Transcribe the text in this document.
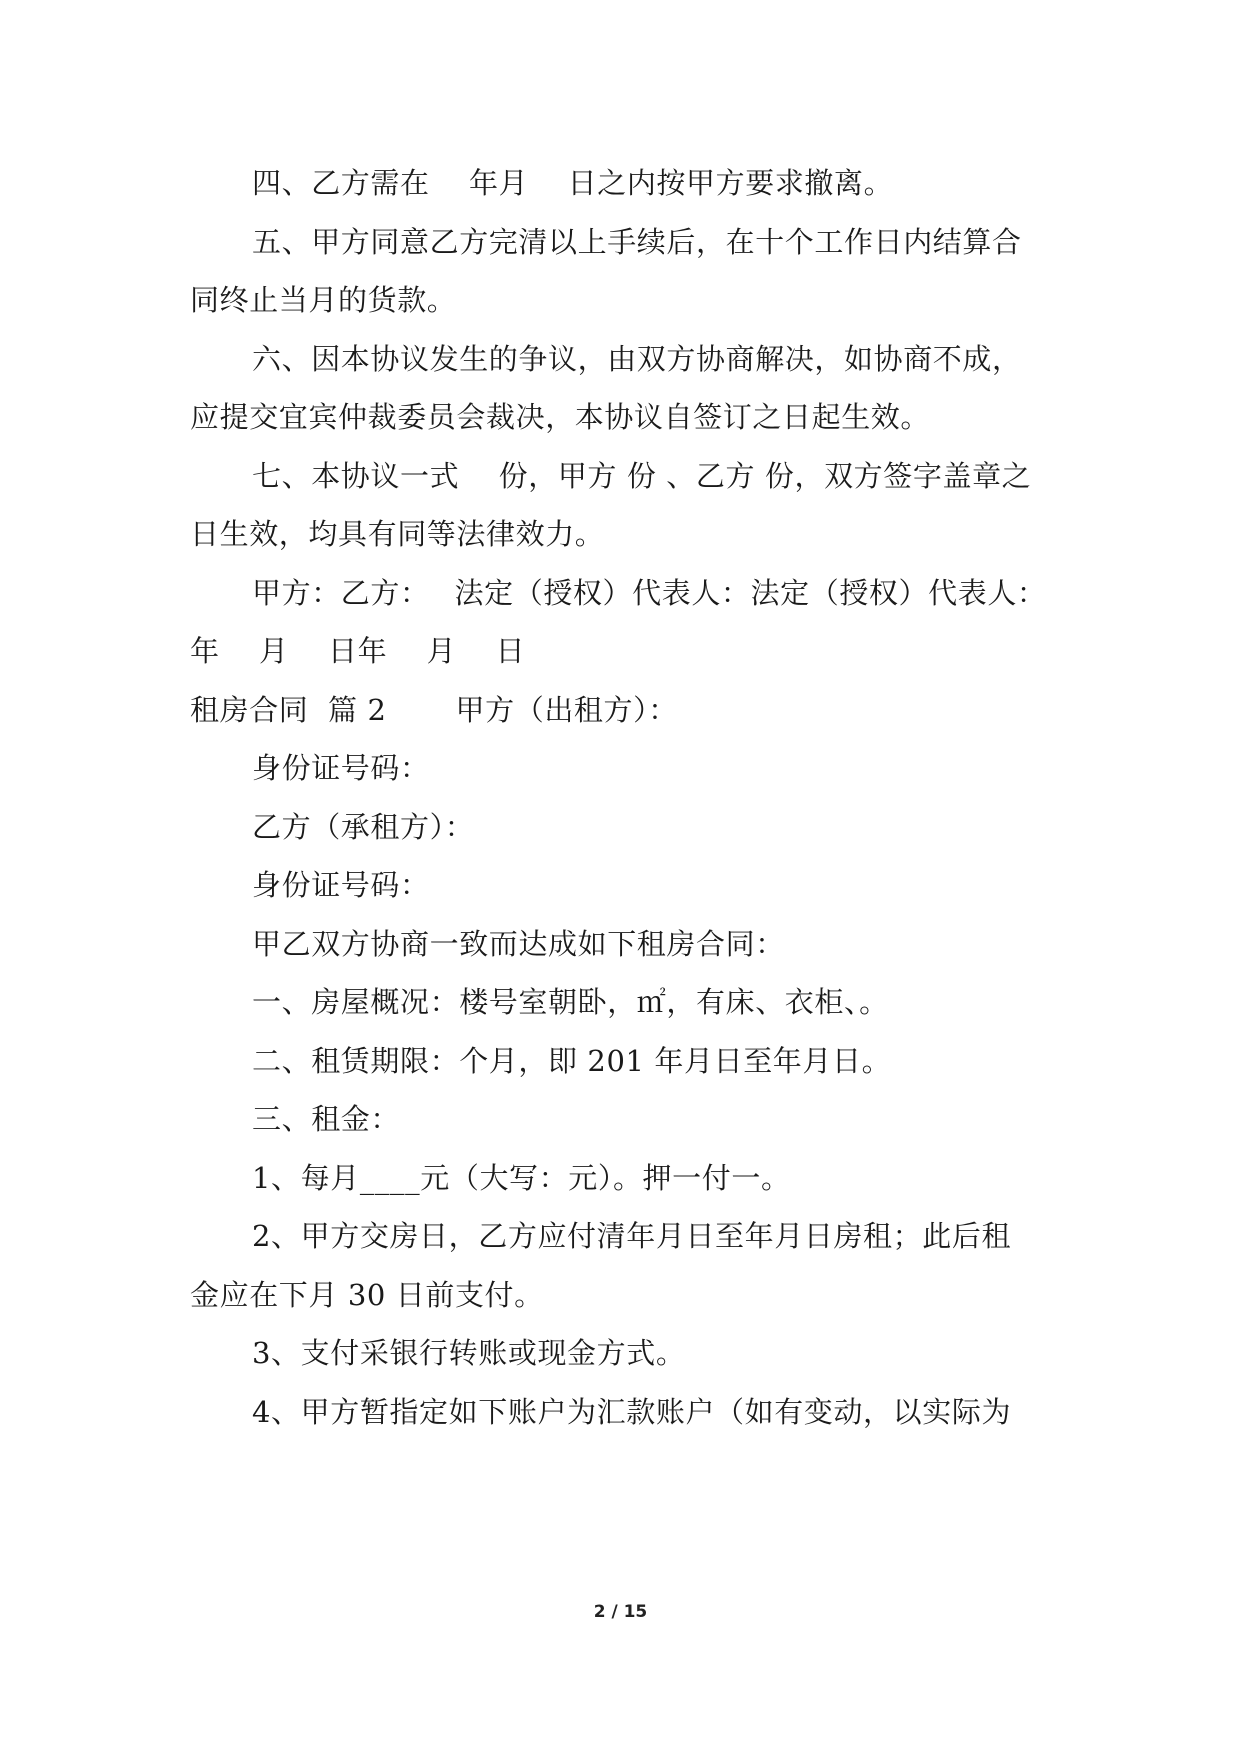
四、乙方需在　 年月　 日之内按甲方要求撤离。
五、甲方同意乙方完清以上手续后，在十个工作日内结算合
同终止当月的货款。
六、因本协议发生的争议，由双方协商解决，如协商不成，
应提交宜宾仲裁委员会裁决，本协议自签订之日起生效。
七、本协议一式　 份，甲方 份 、乙方 份，双方签字盖章之
日生效，均具有同等法律效力。
甲方：乙方：　 法定（授权）代表人：法定（授权）代表人：
年　 月　 日年　 月　 日
租房合同  篇 2　　 甲方（出租方）：
身份证号码：
乙方（承租方）：
身份证号码：
甲乙双方协商一致而达成如下租房合同：
一、房屋概况：楼号室朝卧，㎡，有床、衣柜、。
二、租赁期限：个月，即 201 年月日至年月日。
三、租金：
1、每月____元（大写：元）。押一付一。
2、甲方交房日，乙方应付清年月日至年月日房租；此后租
金应在下月 30 日前支付。
3、支付采银行转账或现金方式。
4、甲方暂指定如下账户为汇款账户（如有变动，以实际为
2 / 15
